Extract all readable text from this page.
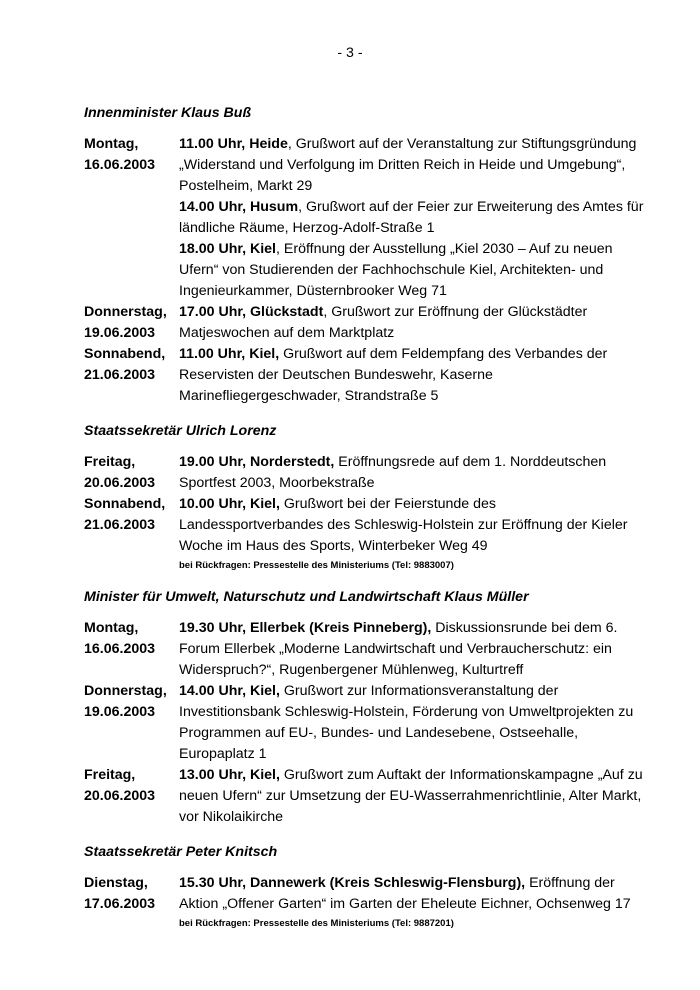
- 3 -
Innenminister Klaus Buß
Montag,
16.06.2003
11.00 Uhr, Heide, Grußwort auf der Veranstaltung zur Stiftungsgründung „Widerstand und Verfolgung im Dritten Reich in Heide und Umgebung“, Postelheim, Markt 29
14.00 Uhr, Husum, Grußwort auf der Feier zur Erweiterung des Amtes für ländliche Räume, Herzog-Adolf-Straße 1
18.00 Uhr, Kiel, Eröffnung der Ausstellung „Kiel 2030 – Auf zu neuen Ufern“ von Studierenden der Fachhochschule Kiel, Architekten- und Ingenieurkammer, Düsternbrooker Weg 71
Donnerstag,
19.06.2003
17.00 Uhr, Glückstadt, Grußwort zur Eröffnung der Glückstädter Matjeswochen auf dem Marktplatz
Sonnabend,
21.06.2003
11.00 Uhr, Kiel, Grußwort auf dem Feldempfang des Verbandes der Reservisten der Deutschen Bundeswehr, Kaserne Marinefliegergeschwader, Strandstraße 5
Staatssekretär Ulrich Lorenz
Freitag,
20.06.2003
19.00 Uhr, Norderstedt, Eröffnungsrede auf dem 1. Norddeutschen Sportfest 2003, Moorbekstraße
Sonnabend,
21.06.2003
10.00 Uhr, Kiel, Grußwort bei der Feierstunde des Landessportverbandes des Schleswig-Holstein zur Eröffnung der Kieler Woche im Haus des Sports, Winterbeker Weg 49
bei Rückfragen: Pressestelle des Ministeriums (Tel: 9883007)
Minister für Umwelt, Naturschutz und Landwirtschaft Klaus Müller
Montag,
16.06.2003
19.30 Uhr, Ellerbek (Kreis Pinneberg), Diskussionsrunde bei dem 6. Forum Ellerbek „Moderne Landwirtschaft und Verbraucherschutz: ein Widerspruch?“, Rugenbergener Mühlenweg, Kulturtreff
Donnerstag,
19.06.2003
14.00 Uhr, Kiel, Grußwort zur Informationsveranstaltung der Investitionsbank Schleswig-Holstein, Förderung von Umweltprojekten zu Programmen auf EU-, Bundes- und Landesebene, Ostseehalle, Europaplatz 1
Freitag,
20.06.2003
13.00 Uhr, Kiel, Grußwort zum Auftakt der Informationskampagne „Auf zu neuen Ufern“ zur Umsetzung der EU-Wasserrahmenrichtlinie, Alter Markt, vor Nikolaikirche
Staatssekretär Peter Knitsch
Dienstag,
17.06.2003
15.30 Uhr, Dannewerk (Kreis Schleswig-Flensburg), Eröffnung der Aktion „Offener Garten“ im Garten der Eheleute Eichner, Ochsenweg 17
bei Rückfragen: Pressestelle des Ministeriums (Tel: 9887201)
